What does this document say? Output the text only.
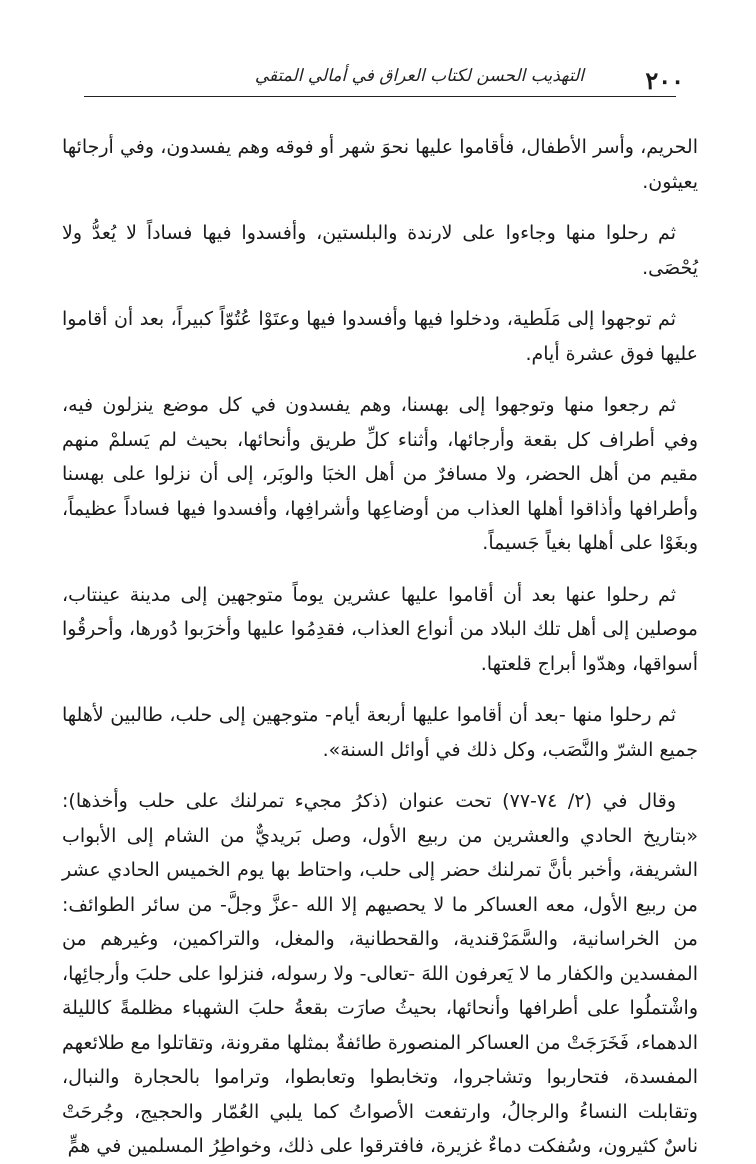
٢٠٠
التهذيب الحسن لكتاب العراق في أمالي المتقي

الحريم، وأسر الأطفال، فأقاموا عليها نحوَ شهر أو فوقه وهم يفسدون، وفي أرجائها يعيثون.

ثم رحلوا منها وجاءوا على لارندة والبلستين، وأفسدوا فيها فساداً لا يُعدُّ ولا يُحْصَى.

ثم توجهوا إلى مَلَطية، ودخلوا فيها وأفسدوا فيها وعتَوْا عُتُوّاً كبيراً، بعد أن أقاموا عليها فوق عشرة أيام.

ثم رجعوا منها وتوجهوا إلى بهسنا، وهم يفسدون في كل موضع ينزلون فيه، وفي أطراف كل بقعة وأرجائها، وأثناء كلِّ طريق وأنحائها، بحيث لم يَسلمْ منهم مقيم من أهل الحضر، ولا مسافرٌ من أهل الخبَا والوبَر، إلى أن نزلوا على بهسنا وأطرافها وأذاقوا أهلها العذاب من أوضاعِها وأشرافِها، وأفسدوا فيها فساداً عظيماً، وبغَوْا على أهلها بغياً جَسيماً.

ثم رحلوا عنها بعد أن أقاموا عليها عشرين يوماً متوجهين إلى مدينة عينتاب، موصلين إلى أهل تلك البلاد من أنواع العذاب، فقدِمُوا عليها وأخرَبوا دُورها، وأحرقُوا أسواقها، وهدّوا أبراج قلعتها.

ثم رحلوا منها -بعد أن أقاموا عليها أربعة أيام- متوجهين إلى حلب، طالبين لأهلها جميع الشرّ والنَّصَب، وكل ذلك في أوائل السنة».

وقال في (٢/ ٧٤-٧٧) تحت عنوان (ذكرُ مجيء تمرلنك على حلب وأخذها): «بتاريخ الحادي والعشرين من ربيع الأول، وصل بَريديٌّ من الشام إلى الأبواب الشريفة، وأخبر بأنَّ تمرلنك حضر إلى حلب، واحتاط بها يوم الخميس الحادي عشر من ربيع الأول، معه العساكر ما لا يحصيهم إلا الله -عزَّ وجلَّ- من سائر الطوائف: من الخراسانية، والسَّمَرْقندية، والقحطانية، والمغل، والتراكمين، وغيرهم من المفسدين والكفار ما لا يَعرفون اللهَ -تعالى- ولا رسوله، فنزلوا على حلبَ وأرجائِها، واشْتملُوا على أطرافها وأنحائها، بحيثُ صارَت بقعةُ حلبَ الشهباء مظلمةً كالليلة الدهماء، فَخَرَجَتْ من العساكر المنصورة طائفةٌ بمثلها مقرونة، وتقاتلوا مع طلائعهم المفسدة، فتحاربوا وتشاجروا، وتخابطوا وتعابطوا، وتراموا بالحجارة والنبال، وتقابلت النساءُ والرجالُ، وارتفعت الأصواتُ كما يلبي العُمّار والحجيج، وجُرحَتْ ناسٌ كثيرون، وسُفكت دماءٌ غزيرة، فافترقوا على ذلك، وخواطِرُ المسلمين في همٍّ
